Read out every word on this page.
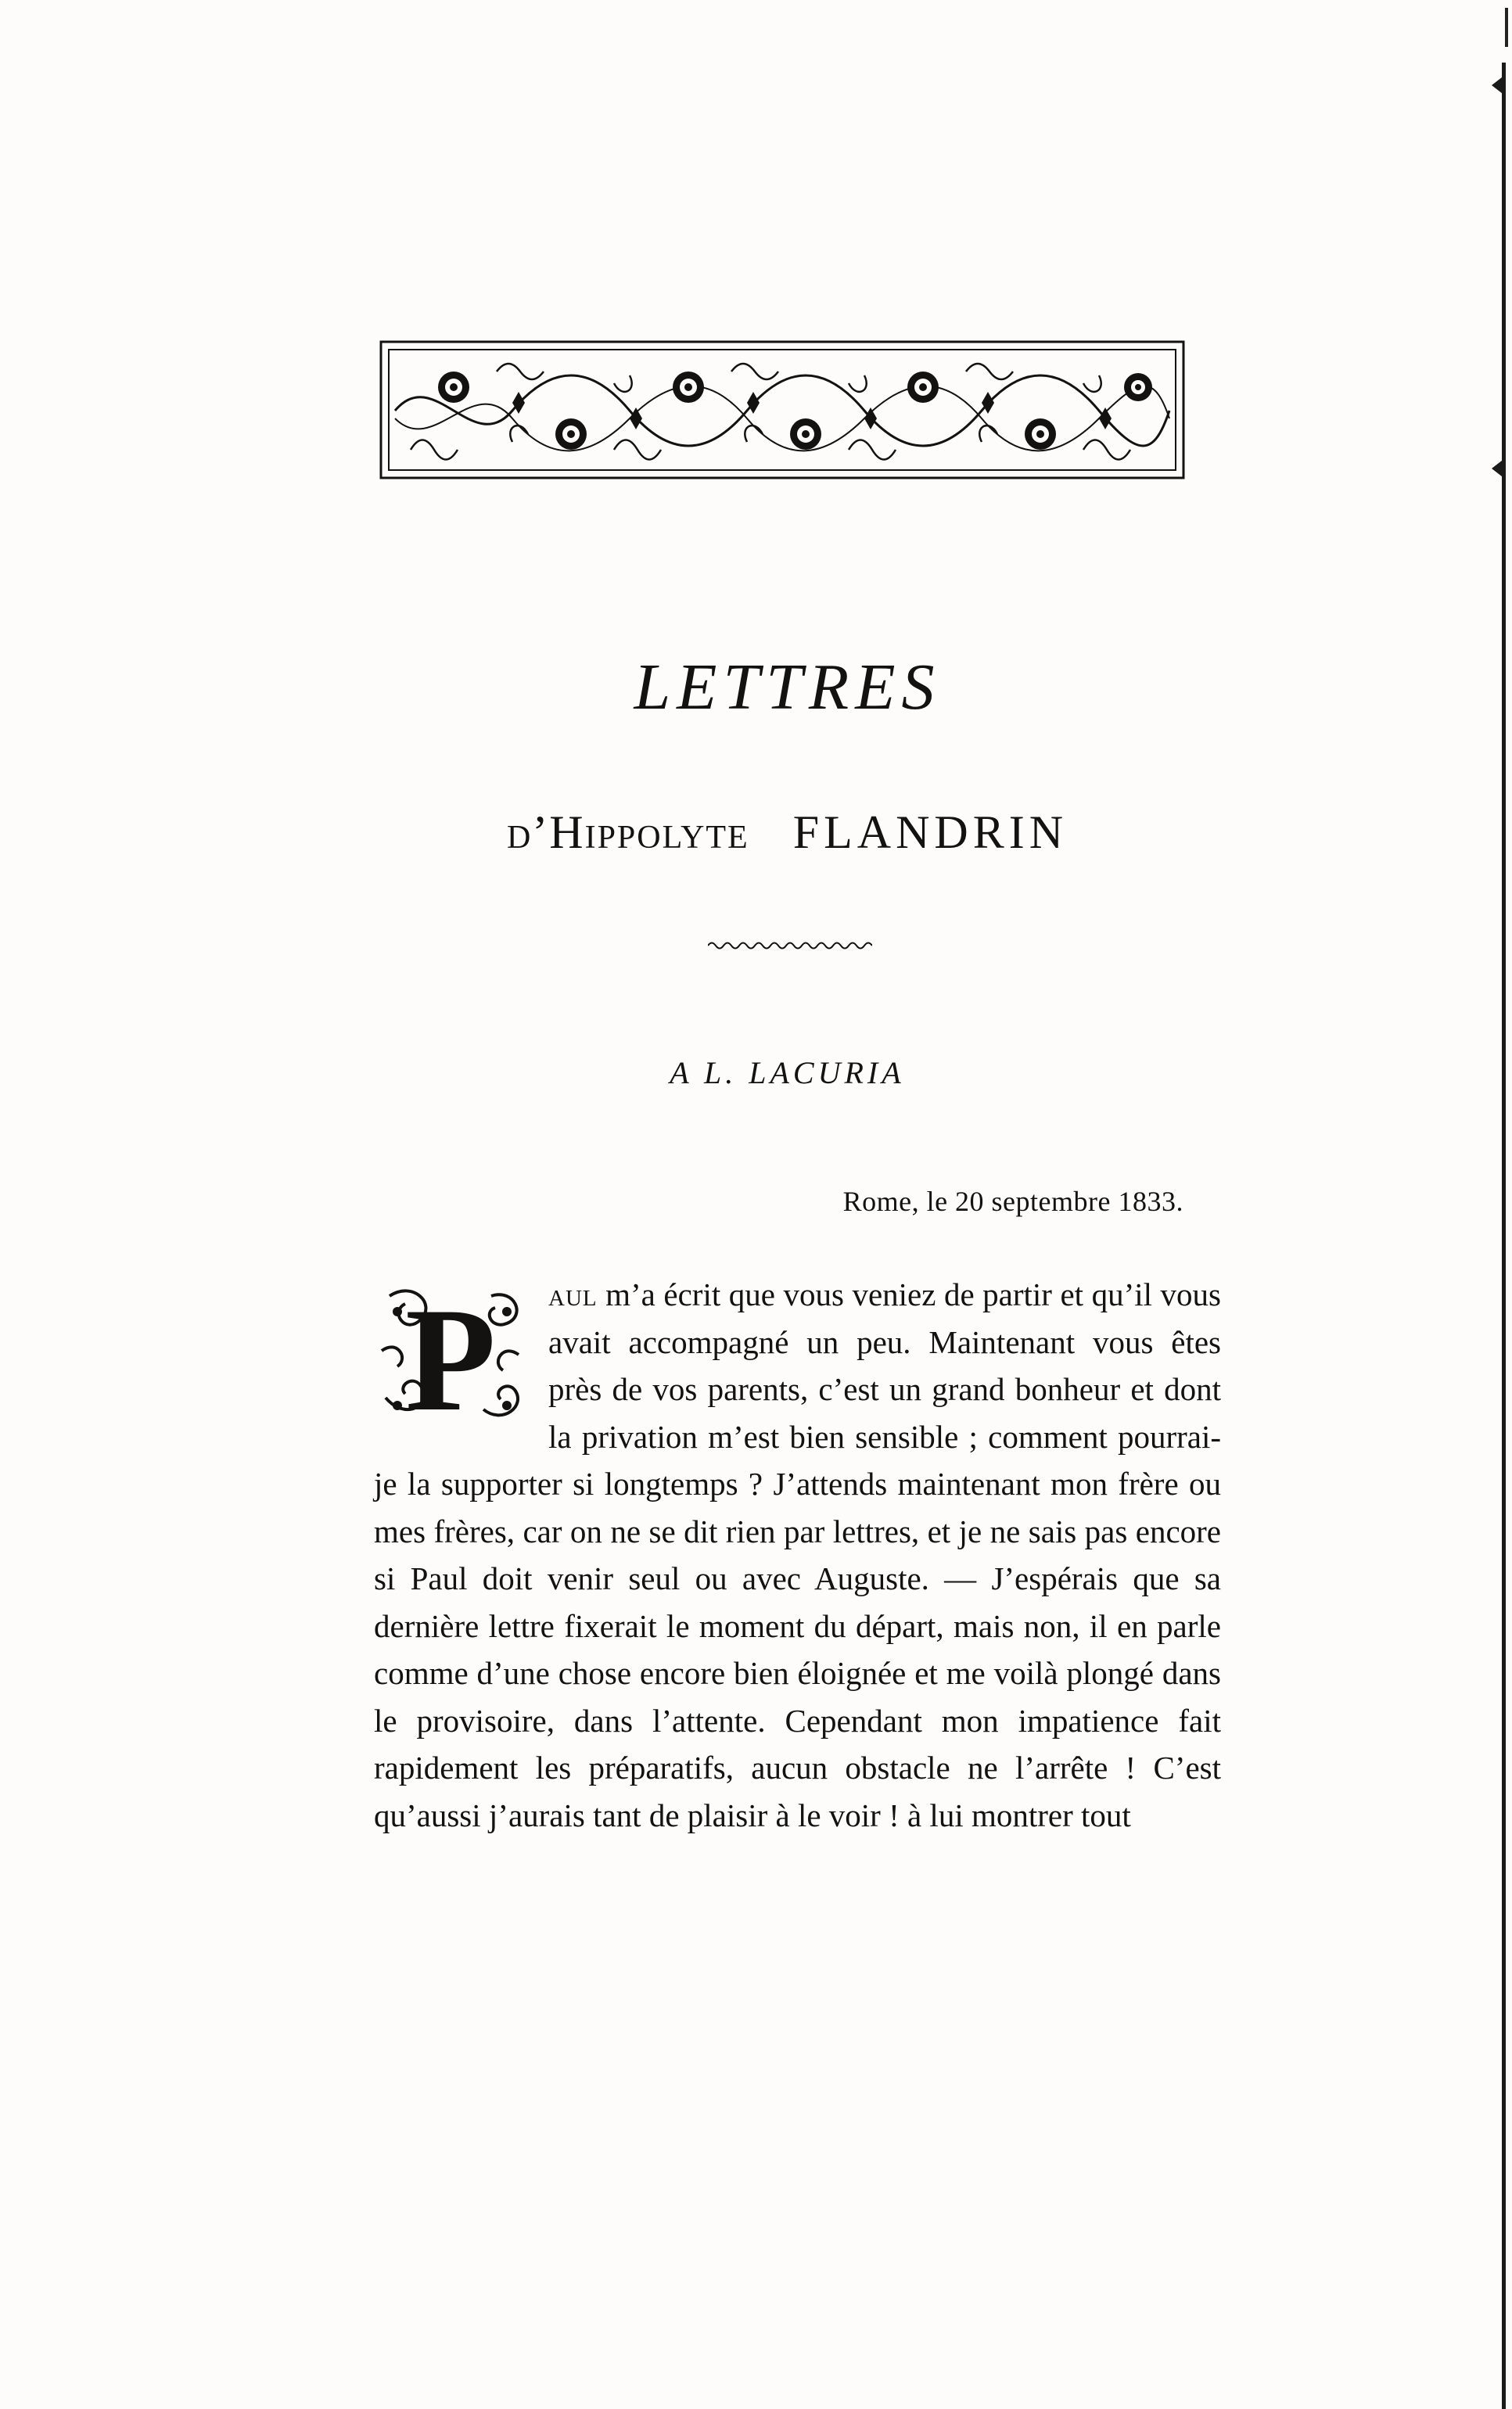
LETTRES
d’Hippolyte FLANDRIN
A L. LACURIA
Rome, le 20 septembre 1833.
P	aul m’a écrit que vous veniez de partir et qu’il vous avait accompagné un peu. Maintenant vous êtes près de vos parents, c’est un grand bonheur et dont la privation m’est bien sensible ; comment pourrai-je la supporter si longtemps ? J’attends maintenant mon frère ou mes frères, car on ne se dit rien par lettres, et je ne sais pas encore si Paul doit venir seul ou avec Auguste. — J’espérais que sa dernière lettre fixerait le moment du départ, mais non, il en parle comme d’une chose encore bien éloignée et me voilà plongé dans le provisoire, dans l’attente. Cependant mon impatience fait rapidement les préparatifs, aucun obstacle ne l’arrête ! C’est qu’aussi j’aurais tant de plaisir à le voir ! à lui montrer tout
